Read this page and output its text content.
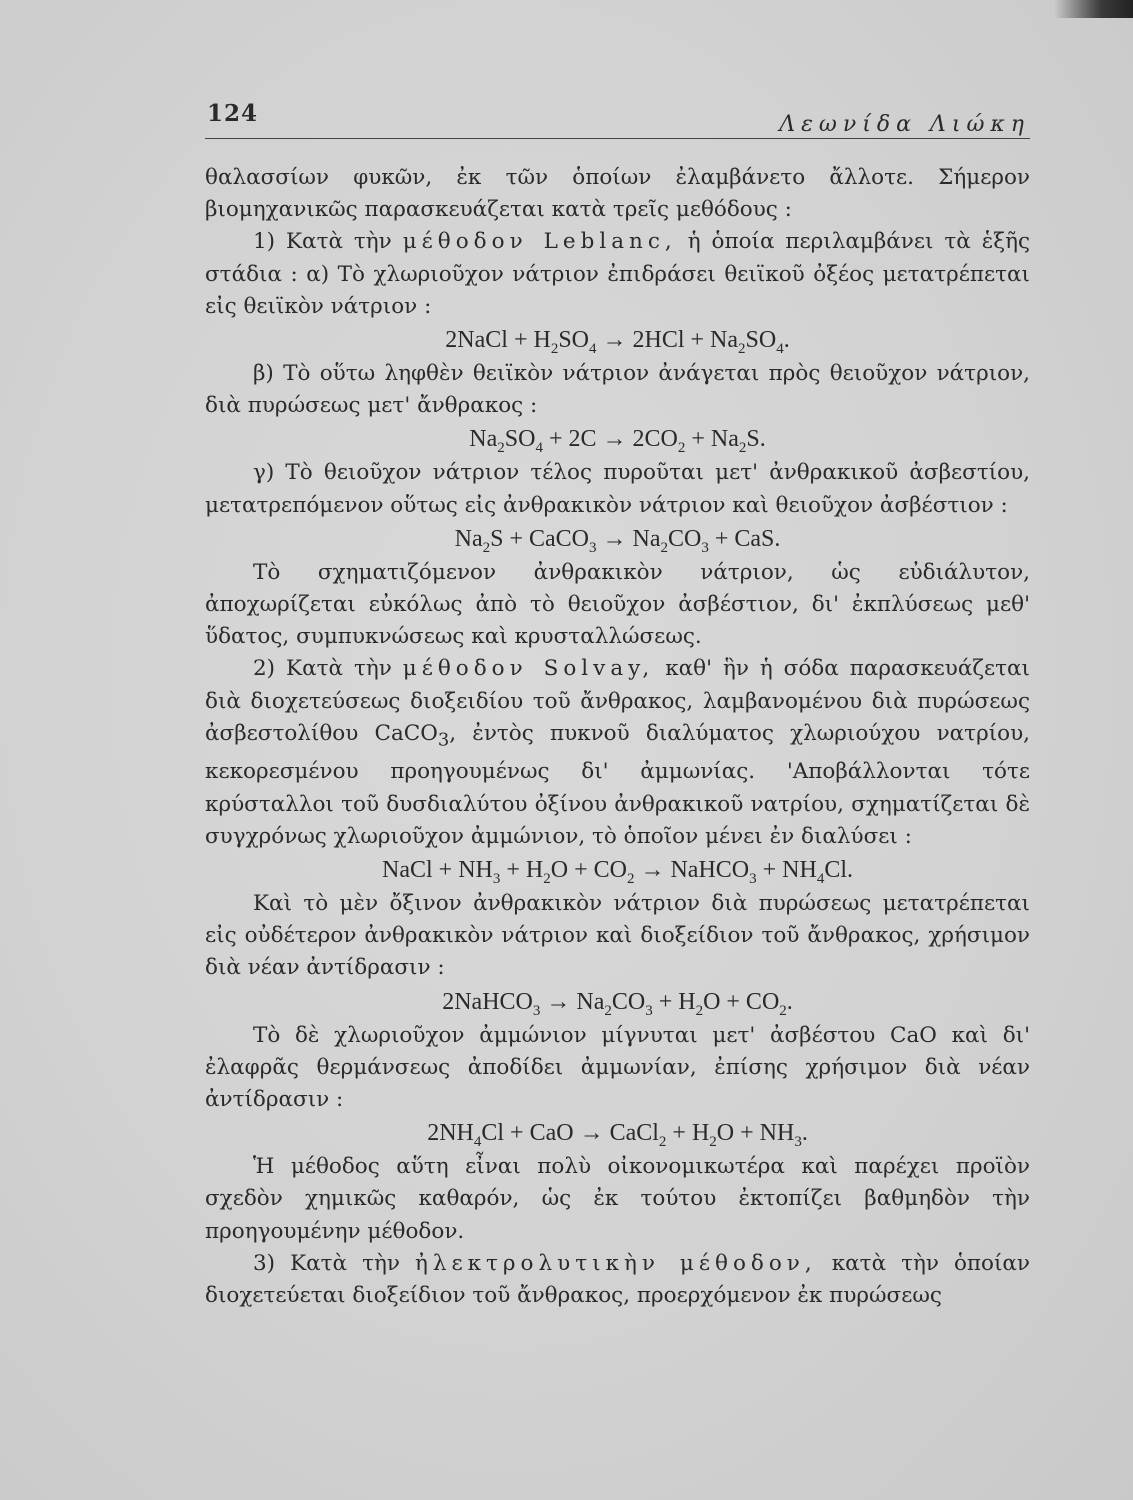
124	Λεωνίδα Λιώκη

θαλασσίων φυκῶν, ἐκ τῶν ὁποίων ἐλαμβάνετο ἄλλοτε. Σήμερον βιομηχανικῶς παρασκευάζεται κατὰ τρεῖς μεθόδους :

1) Κατὰ τὴν μέθοδον Leblanc, ἡ ὁποία περιλαμβάνει τὰ ἑξῆς στάδια : α) Τὸ χλωριοῦχον νάτριον ἐπιδράσει θειϊκοῦ ὀξέος μετατρέπεται εἰς θειϊκὸν νάτριον :

2NaCl + $H_2SO_4 \to 2HCl + Na_2SO_4$.

β) Τὸ οὕτω ληφθὲν θειϊκὸν νάτριον ἀνάγεται πρὸς θειοῦχον νάτριον, διὰ πυρώσεως μετ' ἄνθρακος :

$Na_2SO_4 + 2C \to 2CO_2 + Na_2S$.

γ) Τὸ θειοῦχον νάτριον τέλος πυροῦται μετ' ἀνθρακικοῦ ἀσβεστίου, μετατρεπόμενον οὕτως εἰς ἀνθρακικὸν νάτριον καὶ θειοῦχον ἀσβέστιον :

$Na_2S$ + CaCO$_3$ → $Na_2CO_3$ + CaS.

Τὸ σχηματιζόμενον ἀνθρακικὸν νάτριον, ὡς εὐδιάλυτον, ἀποχωρίζεται εὐκόλως ἀπὸ τὸ θειοῦχον ἀσβέστιον, δι' ἐκπλύσεως μεθ' ὕδατος, συμπυκνώσεως καὶ κρυσταλλώσεως.

2) Κατὰ τὴν μέθοδον Solvay, καθ' ἣν ἡ σόδα παρασκευάζεται διὰ διοχετεύσεως διοξειδίου τοῦ ἄνθρακος, λαμβανομένου διὰ πυρώσεως ἀσβεστολίθου CaCO$_3$, ἐντὸς πυκνοῦ διαλύματος χλωριούχου νατρίου, κεκορεσμένου προηγουμένως δι' ἀμμωνίας. 'Αποβάλλονται τότε κρύσταλλοι τοῦ δυσδιαλύτου ὀξίνου ἀνθρακικοῦ νατρίου, σχηματίζεται δὲ συγχρόνως χλωριοῦχον ἀμμώνιον, τὸ ὁποῖον μένει ἐν διαλύσει :

NaCl + $NH_3 + H_2O + CO_2$ → NaHCO$_3$ + $NH_4Cl$.

Καὶ τὸ μὲν ὄξινον ἀνθρακικὸν νάτριον διὰ πυρώσεως μετατρέπεται εἰς οὐδέτερον ἀνθρακικὸν νάτριον καὶ διοξείδιον τοῦ ἄνθρακος, χρήσιμον διὰ νέαν ἀντίδρασιν :

2NaHCO$_3$ → $Na_2CO_3 + H_2O + CO_2$.

Τὸ δὲ χλωριοῦχον ἀμμώνιον μίγνυται μετ' ἀσβέστου CaO καὶ δι' ἐλαφρᾶς θερμάνσεως ἀποδίδει ἀμμωνίαν, ἐπίσης χρήσιμον διὰ νέαν ἀντίδρασιν :

$2NH_4Cl$ + CaO → CaCl$_2$ + $H_2O + NH_3$.

Ἡ μέθοδος αὕτη εἶναι πολὺ οἰκονομικωτέρα καὶ παρέχει προϊὸν σχεδὸν χημικῶς καθαρόν, ὡς ἐκ τούτου ἐκτοπίζει βαθμηδὸν τὴν προηγουμένην μέθοδον.

3) Κατὰ τὴν ἠλεκτρολυτικὴν μέθοδον, κατὰ τὴν ὁποίαν διοχετεύεται διοξείδιον τοῦ ἄνθρακος, προερχόμενον ἐκ πυρώσεως
